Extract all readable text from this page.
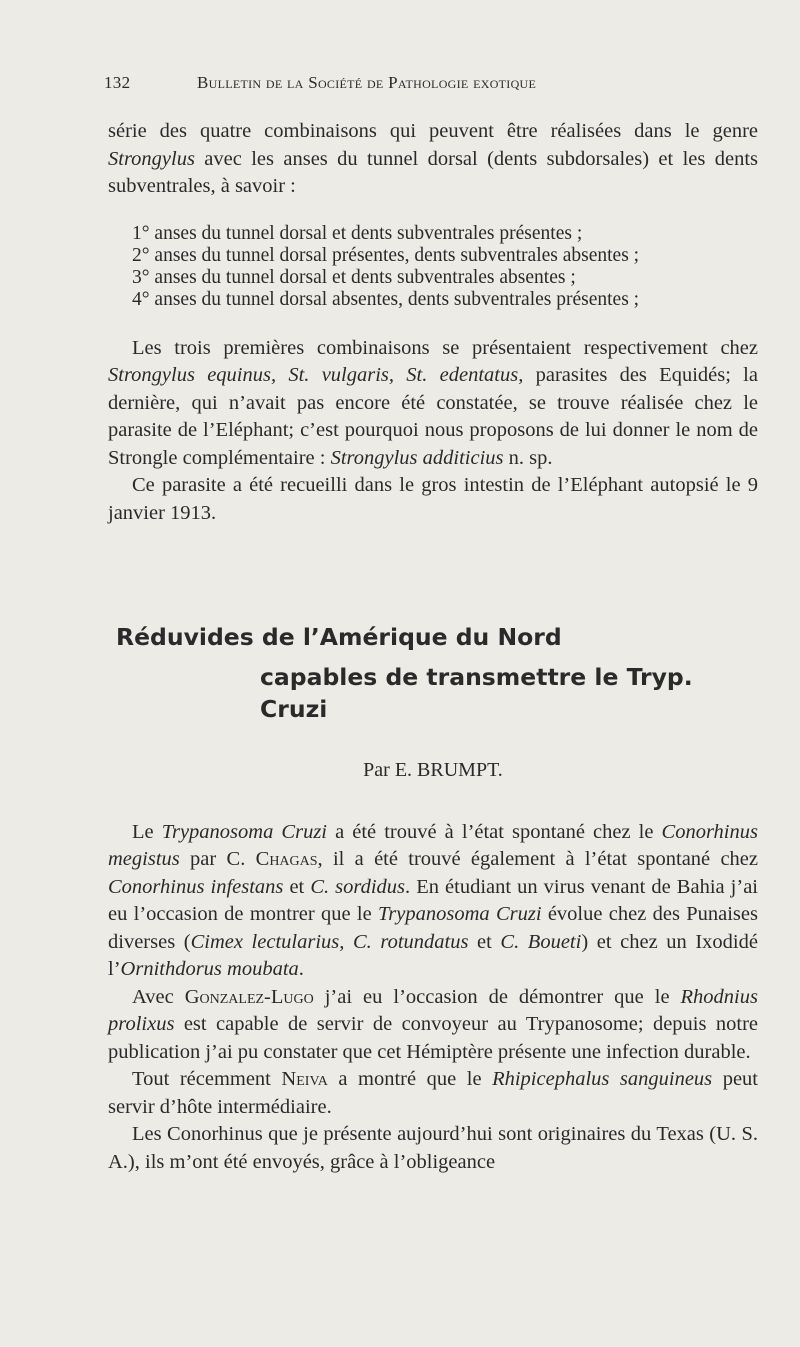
132	Bulletin de la Société de Pathologie exotique

série des quatre combinaisons qui peuvent être réalisées dans le genre Strongylus avec les anses du tunnel dorsal (dents subdorsales) et les dents subventrales, à savoir :

1° anses du tunnel dorsal et dents subventrales présentes ;
2° anses du tunnel dorsal présentes, dents subventrales absentes ;
3° anses du tunnel dorsal et dents subventrales absentes ;
4° anses du tunnel dorsal absentes, dents subventrales présentes ;

Les trois premières combinaisons se présentaient respectivement chez Strongylus equinus, St. vulgaris, St. edentatus, parasites des Equidés; la dernière, qui n’avait pas encore été constatée, se trouve réalisée chez le parasite de l’Eléphant; c’est pourquoi nous proposons de lui donner le nom de Strongle complémentaire : Strongylus additicius n. sp.

Ce parasite a été recueilli dans le gros intestin de l’Eléphant autopsié le 9 janvier 1913.

Réduvides de l’Amérique du Nord
capables de transmettre le Tryp. Cruzi
Par E. BRUMPT.

Le Trypanosoma Cruzi a été trouvé à l’état spontané chez le Conorhinus megistus par C. Chagas, il a été trouvé également à l’état spontané chez Conorhinus infestans et C. sordidus. En étudiant un virus venant de Bahia j’ai eu l’occasion de montrer que le Trypanosoma Cruzi évolue chez des Punaises diverses (Cimex lectularius, C. rotundatus et C. Boueti) et chez un Ixodidé l’Ornithdorus moubata.

Avec Gonzalez-Lugo j’ai eu l’occasion de démontrer que le Rhodnius prolixus est capable de servir de convoyeur au Trypanosome; depuis notre publication j’ai pu constater que cet Hémiptère présente une infection durable.

Tout récemment Neiva a montré que le Rhipicephalus sanguineus peut servir d’hôte intermédiaire.

Les Conorhinus que je présente aujourd’hui sont originaires du Texas (U. S. A.), ils m’ont été envoyés, grâce à l’obligeance
